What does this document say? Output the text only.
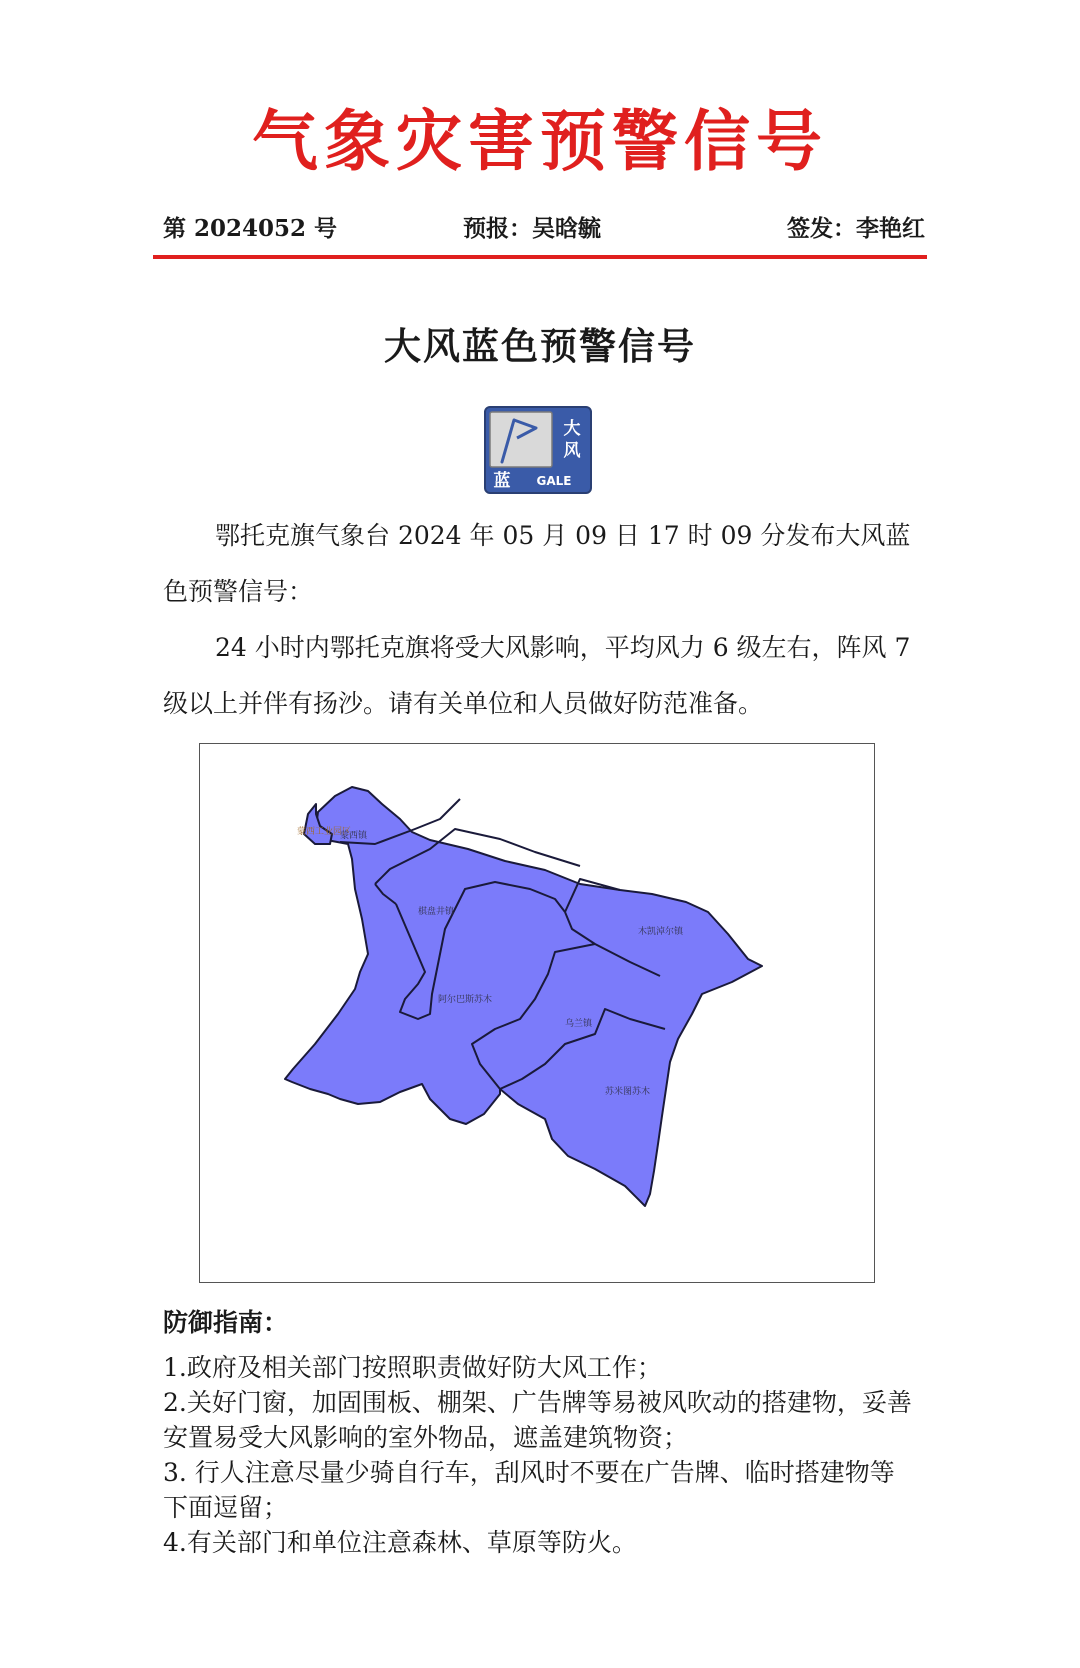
气象灾害预警信号
第 2024052 号	预报：吴晗毓	签发：李艳红
大风蓝色预警信号
大
风
蓝 GALE

鄂托克旗气象台 2024 年 05 月 09 日 17 时 09 分发布大风蓝色预警信号：

24 小时内鄂托克旗将受大风影响，平均风力 6 级左右，阵风 7 级以上并伴有扬沙。请有关单位和人员做好防范准备。

蒙西工业园区
蒙西镇
棋盘井镇
木凯淖尔镇
阿尔巴斯苏木
乌兰镇
苏米图苏木
防御指南：
1.政府及相关部门按照职责做好防大风工作；
2.关好门窗，加固围板、棚架、广告牌等易被风吹动的搭建物，妥善安置易受大风影响的室外物品，遮盖建筑物资；
3. 行人注意尽量少骑自行车，刮风时不要在广告牌、临时搭建物等下面逗留；
4.有关部门和单位注意森林、草原等防火。
